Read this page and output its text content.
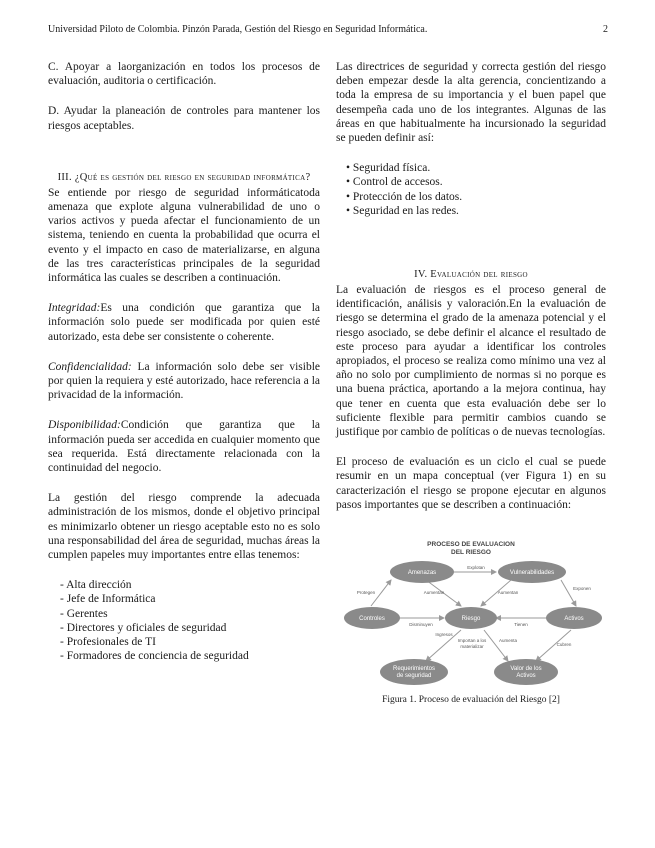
Universidad Piloto de Colombia. Pinzón Parada, Gestión del Riesgo en Seguridad Informática.	2

C. Apoyar a laorganización en todos los procesos de evaluación, auditoria o certificación.

D. Ayudar la planeación de controles para mantener los riesgos aceptables.

III. ¿Qué es gestión del riesgo en seguridad informática?

Se entiende por riesgo de seguridad informáticatoda amenaza que explote alguna vulnerabilidad de uno o varios activos y pueda afectar el funcionamiento de un sistema, teniendo en cuenta la probabilidad que ocurra el evento y el impacto en caso de materializarse, en alguna de las tres características principales de la seguridad informática las cuales se describen a continuación.

Integridad:Es una condición que garantiza que la información solo puede ser modificada por quien esté autorizado, esta debe ser consistente o coherente.

Confidencialidad: La información solo debe ser visible por quien la requiera y esté autorizado, hace referencia a la privacidad de la información.

Disponibilidad:Condición que garantiza que la información pueda ser accedida en cualquier momento que sea requerida. Está directamente relacionada con la continuidad del negocio.

La gestión del riesgo comprende la adecuada administración de los mismos, donde el objetivo principal es minimizarlo obtener un riesgo aceptable esto no es solo una responsabilidad del área de seguridad, muchas áreas la cumplen papeles muy importantes entre ellas tenemos:

- Alta dirección
- Jefe de Informática
- Gerentes
- Directores y oficiales de seguridad
- Profesionales de TI
- Formadores de conciencia de seguridad

Las directrices de seguridad y correcta gestión del riesgo deben empezar desde la alta gerencia, concientizando a toda la empresa de su importancia y el buen papel que desempeña cada uno de los integrantes. Algunas de las áreas en que habitualmente ha incursionado la seguridad se pueden definir así:

• Seguridad física.
• Control de accesos.
• Protección de los datos.
• Seguridad en las redes.
IV. Evaluación del riesgo

La evaluación de riesgos es el proceso general de identificación, análisis y valoración.En la evaluación de riesgo se determina el grado de la amenaza potencial y el riesgo asociado, se debe definir el alcance el resultado de este proceso para ayudar a identificar los controles apropiados, el proceso se realiza como mínimo una vez al año no solo por cumplimiento de normas si no porque es una buena práctica, aportando a la mejora continua, hay que tener en cuenta que esta evaluación debe ser lo suficiente flexible para permitir cambios cuando se justifique por cambio de políticas o de nuevas tecnologías.

El proceso de evaluación es un ciclo el cual se puede resumir en un mapa conceptual (ver Figura 1) en su caracterización el riesgo se propone ejecutar en algunos pasos importantes que se describen a continuación:

PROCESO DE EVALUACION
DEL RIESGO
Amenazas	Vulnerabilidades
Controles	Riesgo	Activos
Requerimientos
de seguridad
Valor de los
Activos
Explotan
Aumentan	Aumentan
Exponen
Protegen
Disminuyen	Tienen
Ingresos
Importan a los
materializar
Aumenta
Cubren
Figura 1. Proceso de evaluación del Riesgo [2]
